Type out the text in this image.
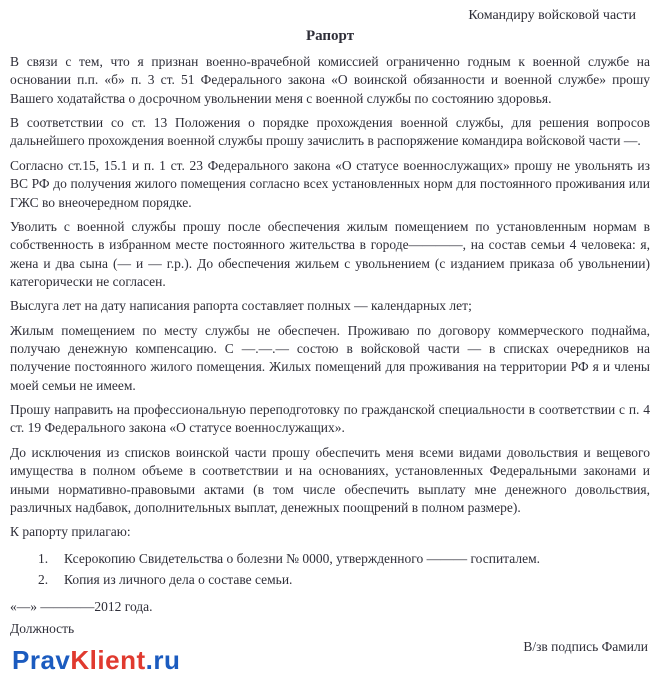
Командиру войсковой части
Рапорт
В связи с тем, что я признан военно-врачебной комиссией ограниченно годным к военной службе на основании п.п. «б» п. 3 ст. 51 Федерального закона «О воинской обязанности и военной службе» прошу Вашего ходатайства о досрочном увольнении меня с военной службы по состоянию здоровья.
В соответствии со ст. 13 Положения о порядке прохождения военной службы, для решения вопросов дальнейшего прохождения военной службы прошу зачислить в распоряжение командира войсковой части —.
Согласно ст.15, 15.1 и п. 1 ст. 23 Федерального закона «О статусе военнослужащих» прошу не увольнять из ВС РФ до получения жилого помещения согласно всех установленных норм для постоянного проживания или ГЖС во внеочередном порядке.
Уволить с военной службы прошу после обеспечения жилым помещением по установленным нормам в собственность в избранном месте постоянного жительства в городе————, на состав семьи 4 человека: я, жена и два сына (— и — г.р.). До обеспечения жильем с увольнением (с изданием приказа об увольнении) категорически не согласен.
Выслуга лет на дату написания рапорта составляет полных — календарных лет;
Жилым помещением по месту службы не обеспечен. Проживаю по договору коммерческого поднайма, получаю денежную компенсацию. С —.—.— состою в войсковой части — в списках очередников на получение постоянного жилого помещения. Жилых помещений для проживания на территории РФ я и члены моей семьи не имеем.
Прошу направить на профессиональную переподготовку по гражданской специальности в соответствии с п. 4 ст. 19 Федерального закона «О статусе военнослужащих».
До исключения из списков воинской части прошу обеспечить меня всеми видами довольствия и вещевого имущества в полном объеме в соответствии и на основаниях, установленных Федеральными законами и иными нормативно-правовыми актами (в том числе обеспечить выплату мне денежного довольствия, различных надбавок, дополнительных выплат, денежных поощрений в полном размере).
К рапорту прилагаю:
1.	Ксерокопию Свидетельства о болезни № 0000, утвержденного ——— госпиталем.
2.	Копия из личного дела о составе семьи.
«—» ————2012 года.
Должность
В/зв подпись Фамили
PravKlient.ru
